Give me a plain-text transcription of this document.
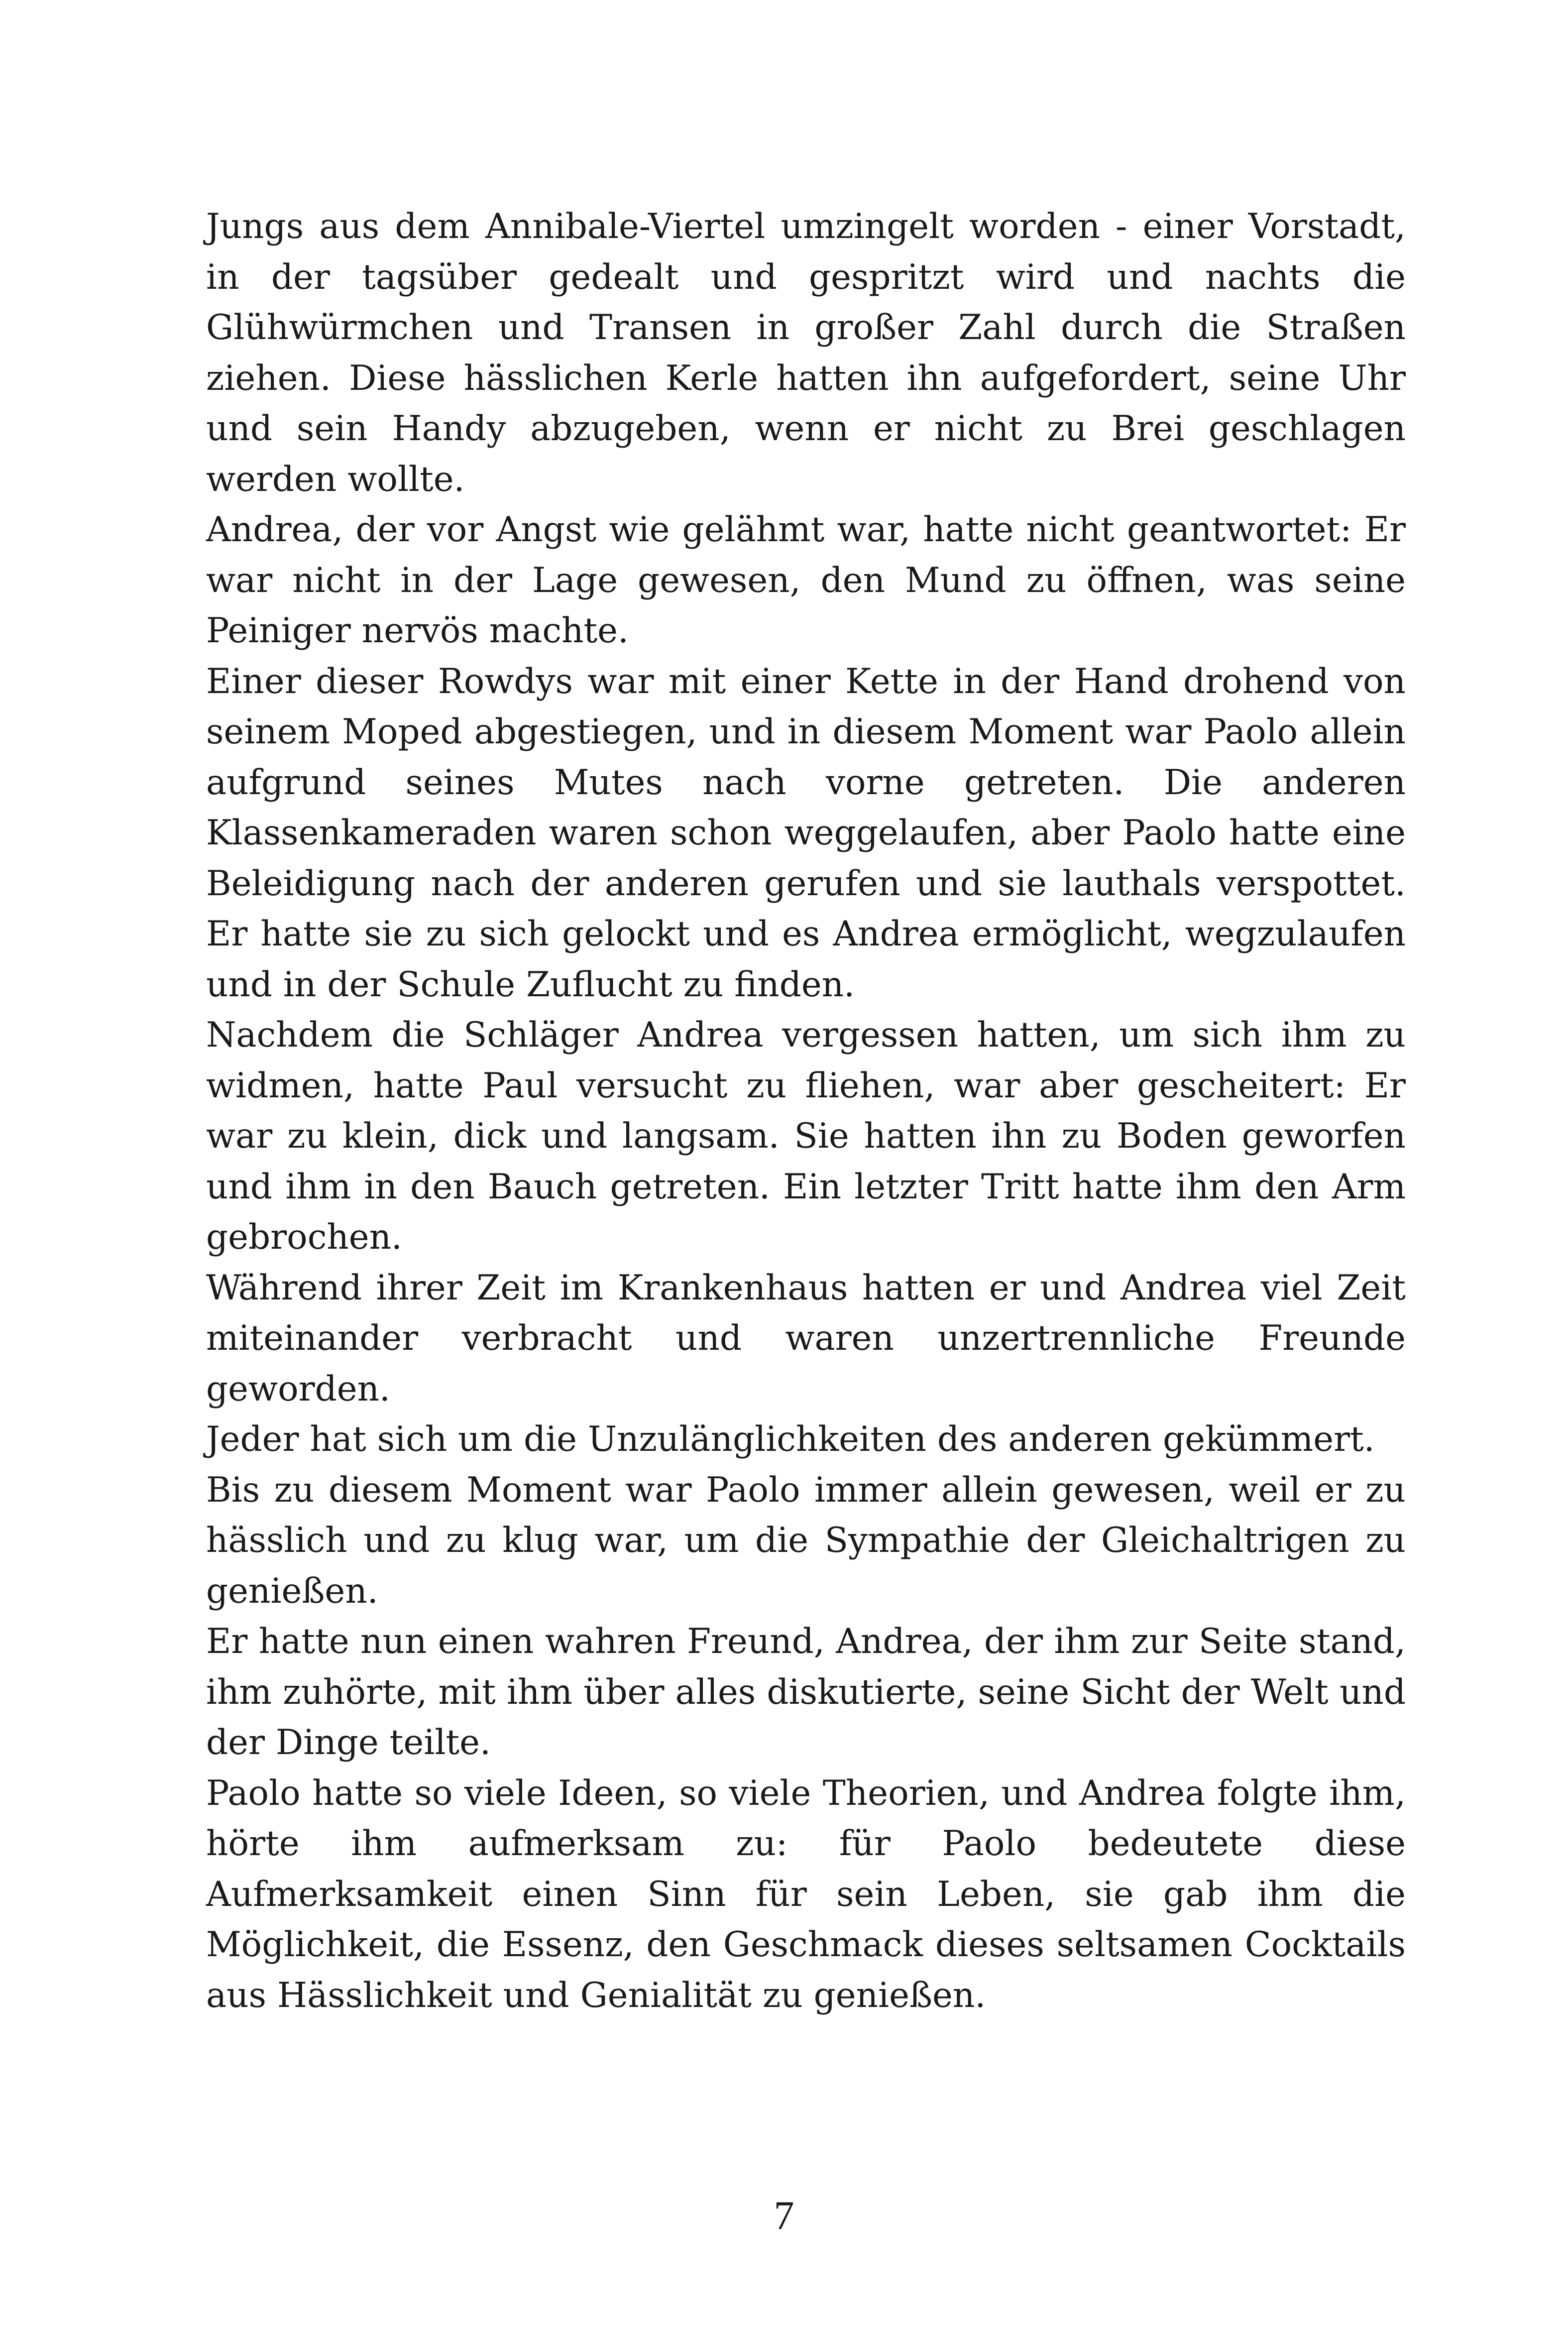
Jungs aus dem Annibale-Viertel umzingelt worden - einer Vorstadt, in der tagsüber gedealt und gespritzt wird und nachts die Glühwürmchen und Transen in großer Zahl durch die Straßen ziehen. Diese hässlichen Kerle hatten ihn aufgefordert, seine Uhr und sein Handy abzugeben, wenn er nicht zu Brei geschlagen werden wollte.

Andrea, der vor Angst wie gelähmt war, hatte nicht geantwortet: Er war nicht in der Lage gewesen, den Mund zu öffnen, was seine Peiniger nervös machte.

Einer dieser Rowdys war mit einer Kette in der Hand drohend von seinem Moped abgestiegen, und in diesem Moment war Paolo allein aufgrund seines Mutes nach vorne getreten. Die anderen Klassenkameraden waren schon weggelaufen, aber Paolo hatte eine Beleidigung nach der anderen gerufen und sie lauthals verspottet. Er hatte sie zu sich gelockt und es Andrea ermöglicht, wegzulaufen und in der Schule Zuflucht zu finden.

Nachdem die Schläger Andrea vergessen hatten, um sich ihm zu widmen, hatte Paul versucht zu fliehen, war aber gescheitert: Er war zu klein, dick und langsam. Sie hatten ihn zu Boden geworfen und ihm in den Bauch getreten. Ein letzter Tritt hatte ihm den Arm gebrochen.

Während ihrer Zeit im Krankenhaus hatten er und Andrea viel Zeit miteinander verbracht und waren unzertrennliche Freunde geworden.

Jeder hat sich um die Unzulänglichkeiten des anderen gekümmert.

Bis zu diesem Moment war Paolo immer allein gewesen, weil er zu hässlich und zu klug war, um die Sympathie der Gleichaltrigen zu genießen.

Er hatte nun einen wahren Freund, Andrea, der ihm zur Seite stand, ihm zuhörte, mit ihm über alles diskutierte, seine Sicht der Welt und der Dinge teilte.

Paolo hatte so viele Ideen, so viele Theorien, und Andrea folgte ihm, hörte ihm aufmerksam zu: für Paolo bedeutete diese Aufmerksamkeit einen Sinn für sein Leben, sie gab ihm die Möglichkeit, die Essenz, den Geschmack dieses seltsamen Cocktails aus Hässlichkeit und Genialität zu genießen.

7
